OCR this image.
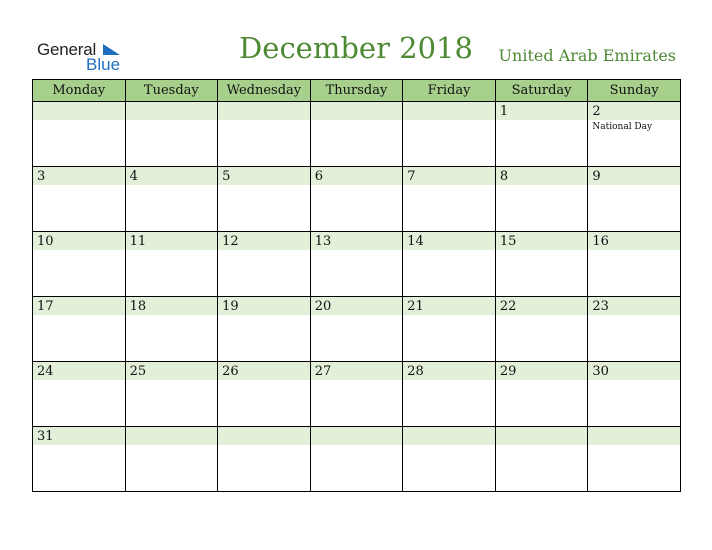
General
Blue	December 2018	United Arab Emirates
Monday	Tuesday	Wednesday	Thursday	Friday	Saturday	Sunday

					1	2
National Day

3	4	5	6	7	8	9

10	11	12	13	14	15	16

17	18	19	20	21	22	23

24	25	26	27	28	29	30

31						
